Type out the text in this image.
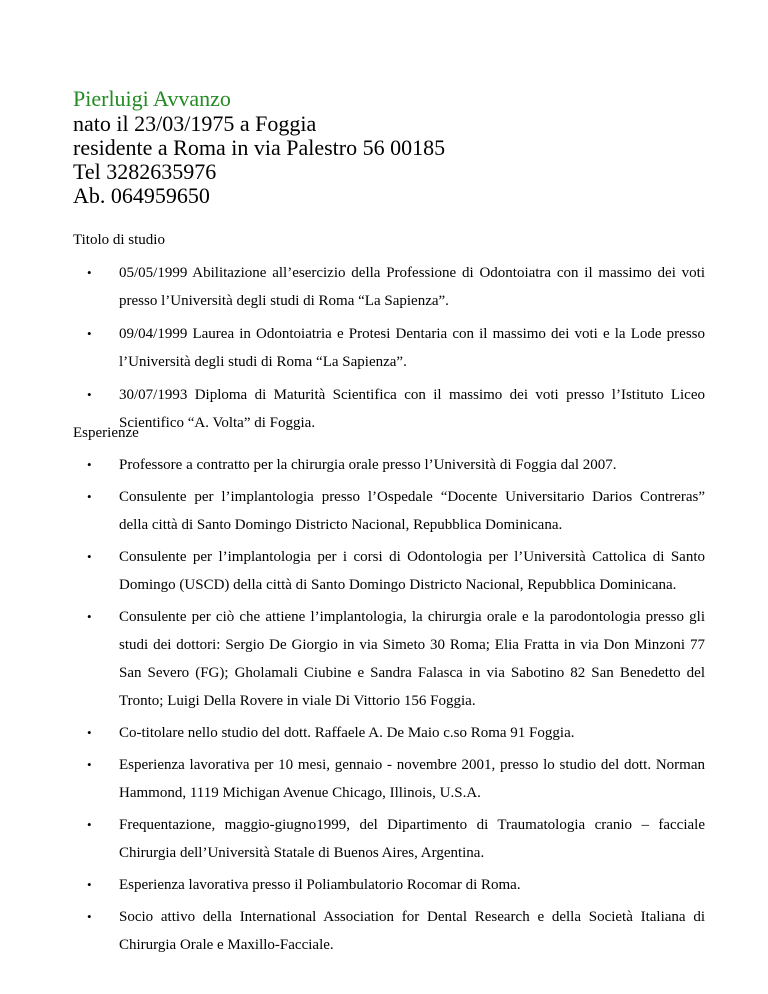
Pierluigi Avvanzo
nato il 23/03/1975 a Foggia
residente a Roma in via Palestro 56 00185
Tel 3282635976
Ab. 064959650
Titolo di studio
• 05/05/1999 Abilitazione all’esercizio della Professione di Odontoiatra con il massimo dei voti presso l’Università degli studi di Roma “La Sapienza”.
• 09/04/1999 Laurea in Odontoiatria e Protesi Dentaria con il massimo dei voti e la Lode presso l’Università degli studi di Roma “La Sapienza”.
• 30/07/1993 Diploma di Maturità Scientifica con il massimo dei voti presso l’Istituto Liceo Scientifico “A. Volta” di Foggia.
Esperienze
• Professore a contratto per la chirurgia orale presso l’Università di Foggia dal 2007.
• Consulente per l’implantologia presso l’Ospedale “Docente Universitario Darios Contreras” della città di Santo Domingo Districto Nacional, Repubblica Dominicana.
• Consulente per l’implantologia per i corsi di Odontologia per l’Università Cattolica di Santo Domingo (USCD) della città di Santo Domingo Districto Nacional, Repubblica Dominicana.
• Consulente per ciò che attiene l’implantologia, la chirurgia orale e la parodontologia presso gli studi dei dottori: Sergio De Giorgio in via Simeto 30 Roma; Elia Fratta in via Don Minzoni 77 San Severo (FG); Gholamali Ciubine e Sandra Falasca in via Sabotino 82 San Benedetto del Tronto; Luigi Della Rovere in viale Di Vittorio 156 Foggia.
• Co-titolare nello studio del dott. Raffaele A. De Maio c.so Roma 91 Foggia.
• Esperienza lavorativa per 10 mesi, gennaio - novembre 2001, presso lo studio del dott. Norman Hammond, 1119 Michigan Avenue Chicago, Illinois, U.S.A.
• Frequentazione, maggio-giugno1999, del Dipartimento di Traumatologia cranio – facciale Chirurgia dell’Università Statale di Buenos Aires, Argentina.
• Esperienza lavorativa presso il Poliambulatorio Rocomar di Roma.
• Socio attivo della International Association for Dental Research e della Società Italiana di Chirurgia Orale e Maxillo-Facciale.
